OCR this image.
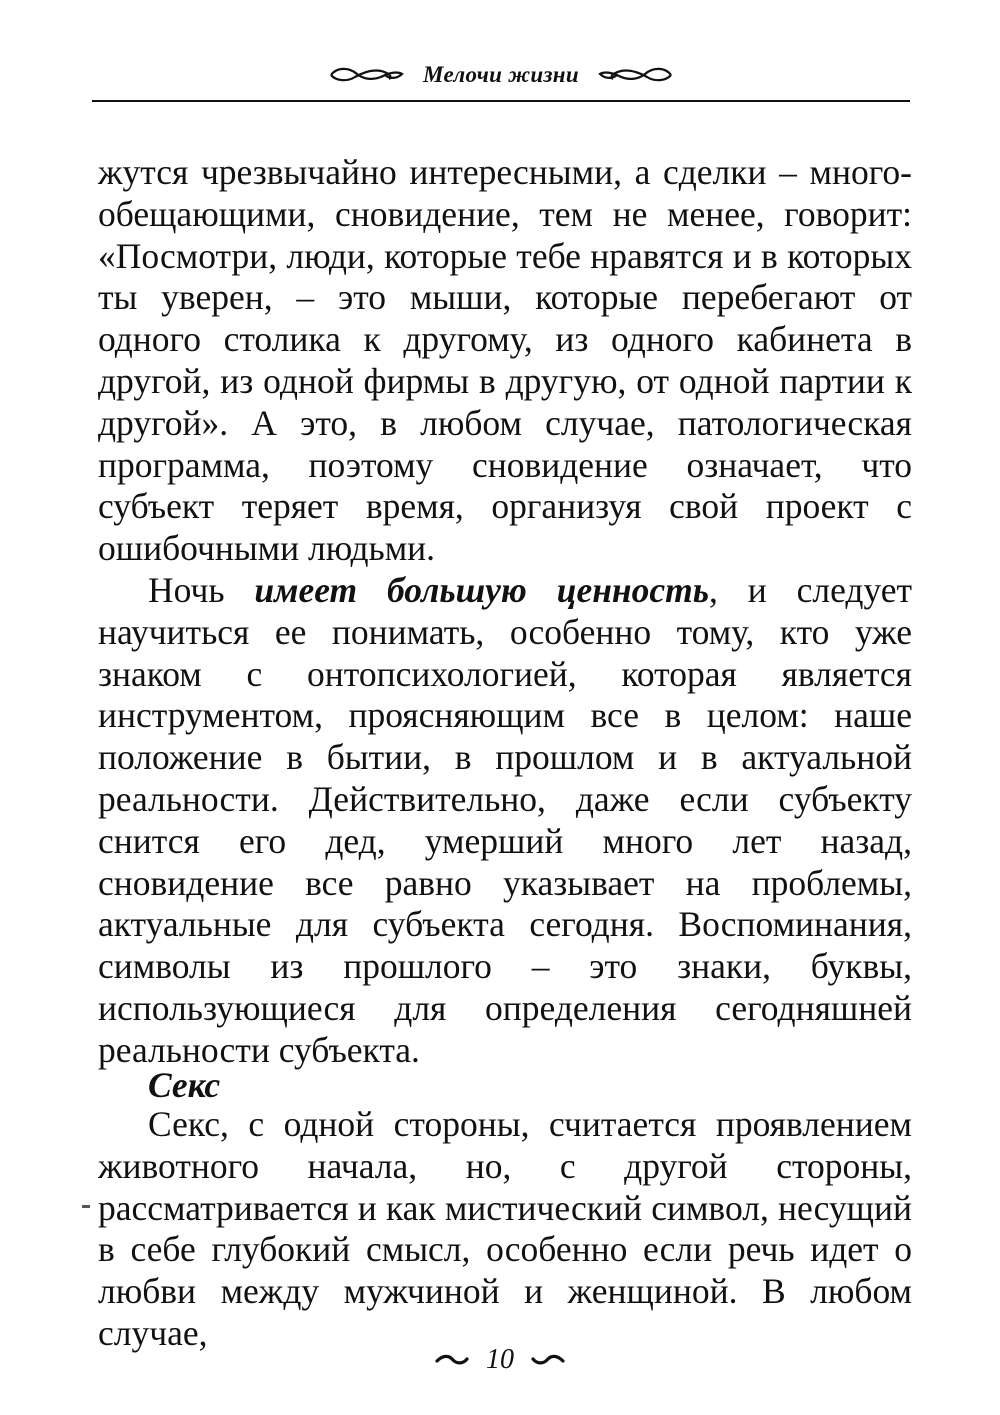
Мелочи жизни

жутся чрезвычайно интересными, а сделки – много-обещающими, сновидение, тем не менее, говорит: «Посмотри, люди, которые тебе нравятся и в которых ты уверен, – это мыши, которые перебегают от одного столика к другому, из одного кабинета в другой, из одной фирмы в другую, от одной партии к другой». А это, в любом случае, патологическая программа, поэтому сновидение означает, что субъект теряет время, организуя свой проект с ошибочными людьми.

Ночь имеет большую ценность, и следует научиться ее понимать, особенно тому, кто уже знаком с онтопсихологией, которая является инструментом, проясняющим все в целом: наше положение в бытии, в прошлом и в актуальной реальности. Действительно, даже если субъекту снится его дед, умерший много лет назад, сновидение все равно указывает на проблемы, актуальные для субъекта сегодня. Воспоминания, символы из прошлого – это знаки, буквы, использующиеся для определения сегодняшней реальности субъекта.

Секс

Секс, с одной стороны, считается проявлением животного начала, но, с другой стороны, рассматривается и как мистический символ, несущий в себе глубокий смысл, особенно если речь идет о любви между мужчиной и женщиной. В любом случае,

10
